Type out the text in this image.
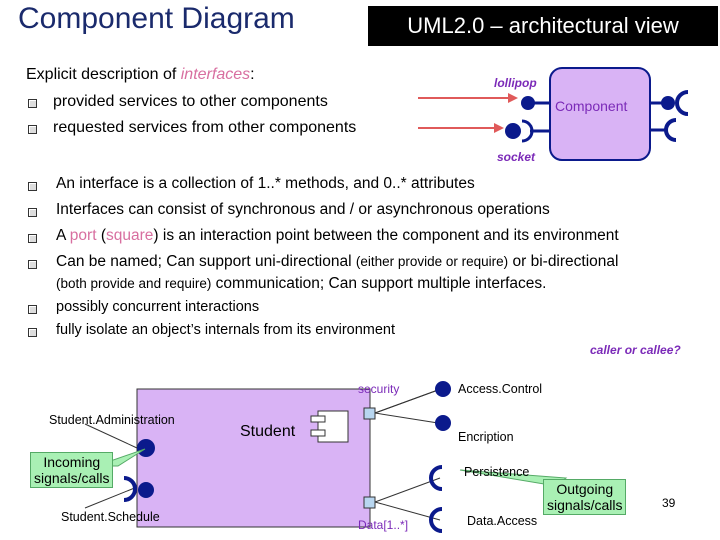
Component Diagram	UML2.0 – architectural view
Explicit description of interfaces:
provided services to other components
requested services from other components
lollipop
Component
socket
An interface is a collection of 1..* methods, and 0..* attributes
Interfaces can consist of synchronous and / or asynchronous operations
A port (square) is an interaction point between the component and its environment
Can be named; Can support uni-directional (either provide or require) or bi-directional
(both provide and require) communication; Can support multiple interfaces.
possibly concurrent interactions
fully isolate an object’s internals from its environment
caller or callee?
security	Access.Control
Student.Administration
Student	Encription
Persistence
Student.Schedule
Data[1..*]	Data.Access
Incoming
signals/calls
Outgoing
signals/calls	39
